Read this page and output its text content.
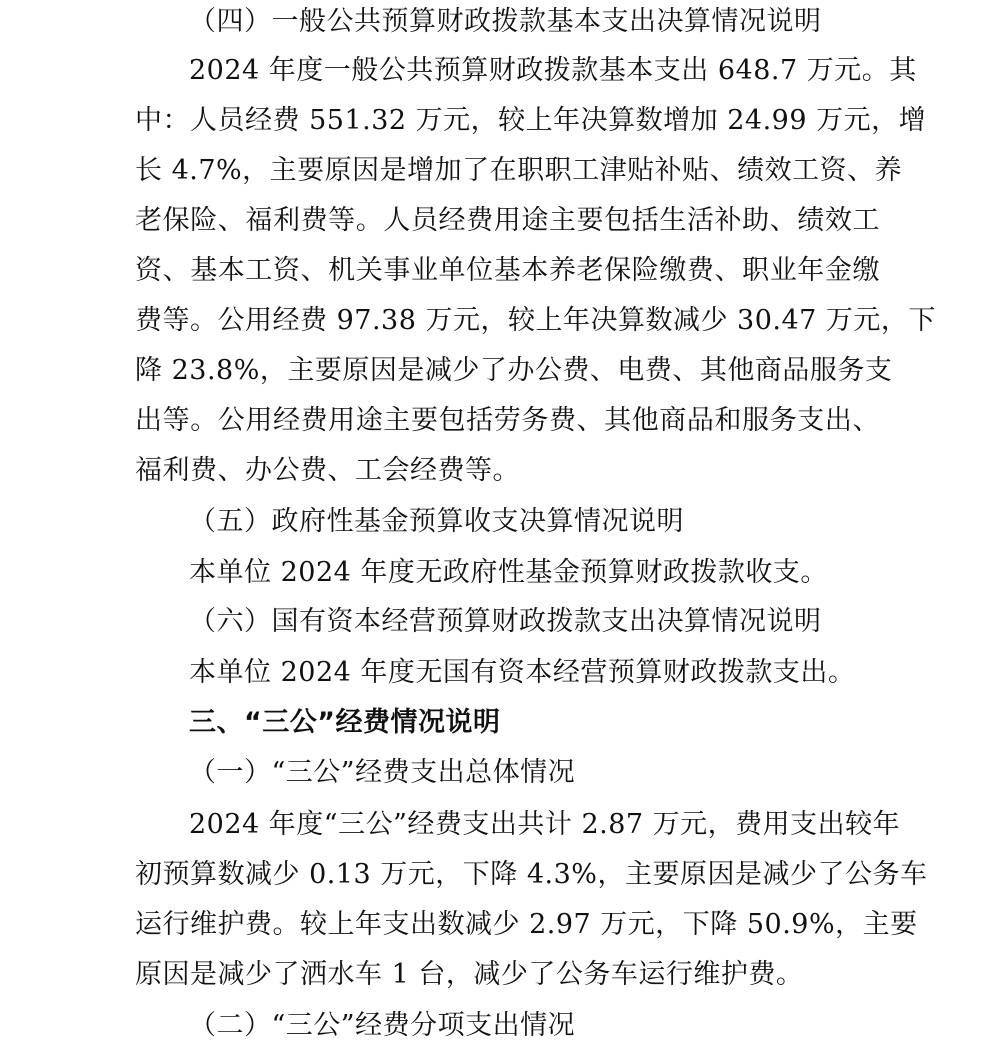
（四）一般公共预算财政拨款基本支出决算情况说明
2024 年度一般公共预算财政拨款基本支出 648.7 万元。其
中：人员经费 551.32 万元，较上年决算数增加 24.99 万元，增
长 4.7%，主要原因是增加了在职职工津贴补贴、绩效工资、养
老保险、福利费等。人员经费用途主要包括生活补助、绩效工
资、基本工资、机关事业单位基本养老保险缴费、职业年金缴
费等。公用经费 97.38 万元，较上年决算数减少 30.47 万元，下
降 23.8%，主要原因是减少了办公费、电费、其他商品服务支
出等。公用经费用途主要包括劳务费、其他商品和服务支出、
福利费、办公费、工会经费等。
（五）政府性基金预算收支决算情况说明
本单位 2024 年度无政府性基金预算财政拨款收支。
（六）国有资本经营预算财政拨款支出决算情况说明
本单位 2024 年度无国有资本经营预算财政拨款支出。
三、“三公”经费情况说明
（一）“三公”经费支出总体情况
2024 年度“三公”经费支出共计 2.87 万元，费用支出较年
初预算数减少 0.13 万元，下降 4.3%，主要原因是减少了公务车
运行维护费。较上年支出数减少 2.97 万元，下降 50.9%，主要
原因是减少了洒水车 1 台，减少了公务车运行维护费。
（二）“三公”经费分项支出情况
